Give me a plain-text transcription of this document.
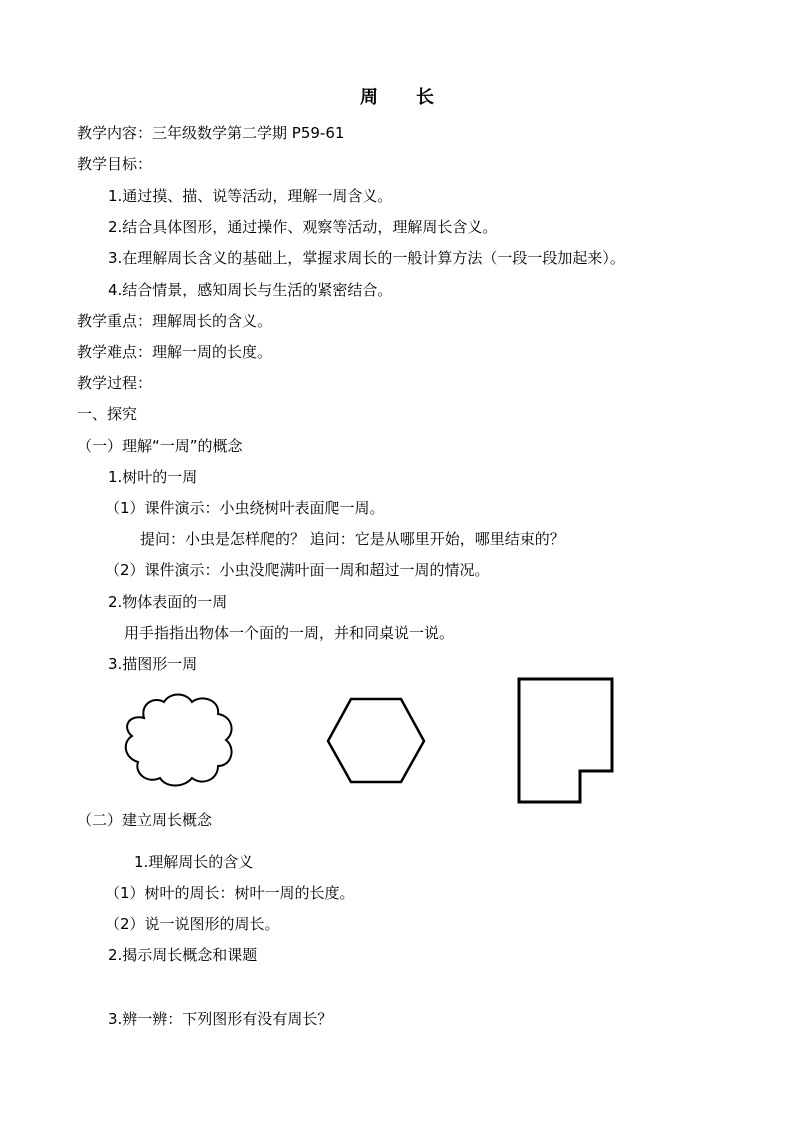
周 长

教学内容：三年级数学第二学期 P59-61

教学目标：

1.通过摸、描、说等活动，理解一周含义。

2.结合具体图形，通过操作、观察等活动，理解周长含义。

3.在理解周长含义的基础上，掌握求周长的一般计算方法（一段一段加起来）。

4.结合情景，感知周长与生活的紧密结合。

教学重点：理解周长的含义。

教学难点：理解一周的长度。

教学过程：

一、探究

（一）理解“一周”的概念

1.树叶的一周

（1）课件演示：小虫绕树叶表面爬一周。

提问：小虫是怎样爬的？ 追问：它是从哪里开始，哪里结束的？

（2）课件演示：小虫没爬满叶面一周和超过一周的情况。

2.物体表面的一周

用手指指出物体一个面的一周，并和同桌说一说。

3.描图形一周

（二）建立周长概念

1.理解周长的含义

（1）树叶的周长：树叶一周的长度。

（2）说一说图形的周长。

2.揭示周长概念和课题

3.辨一辨：下列图形有没有周长？
